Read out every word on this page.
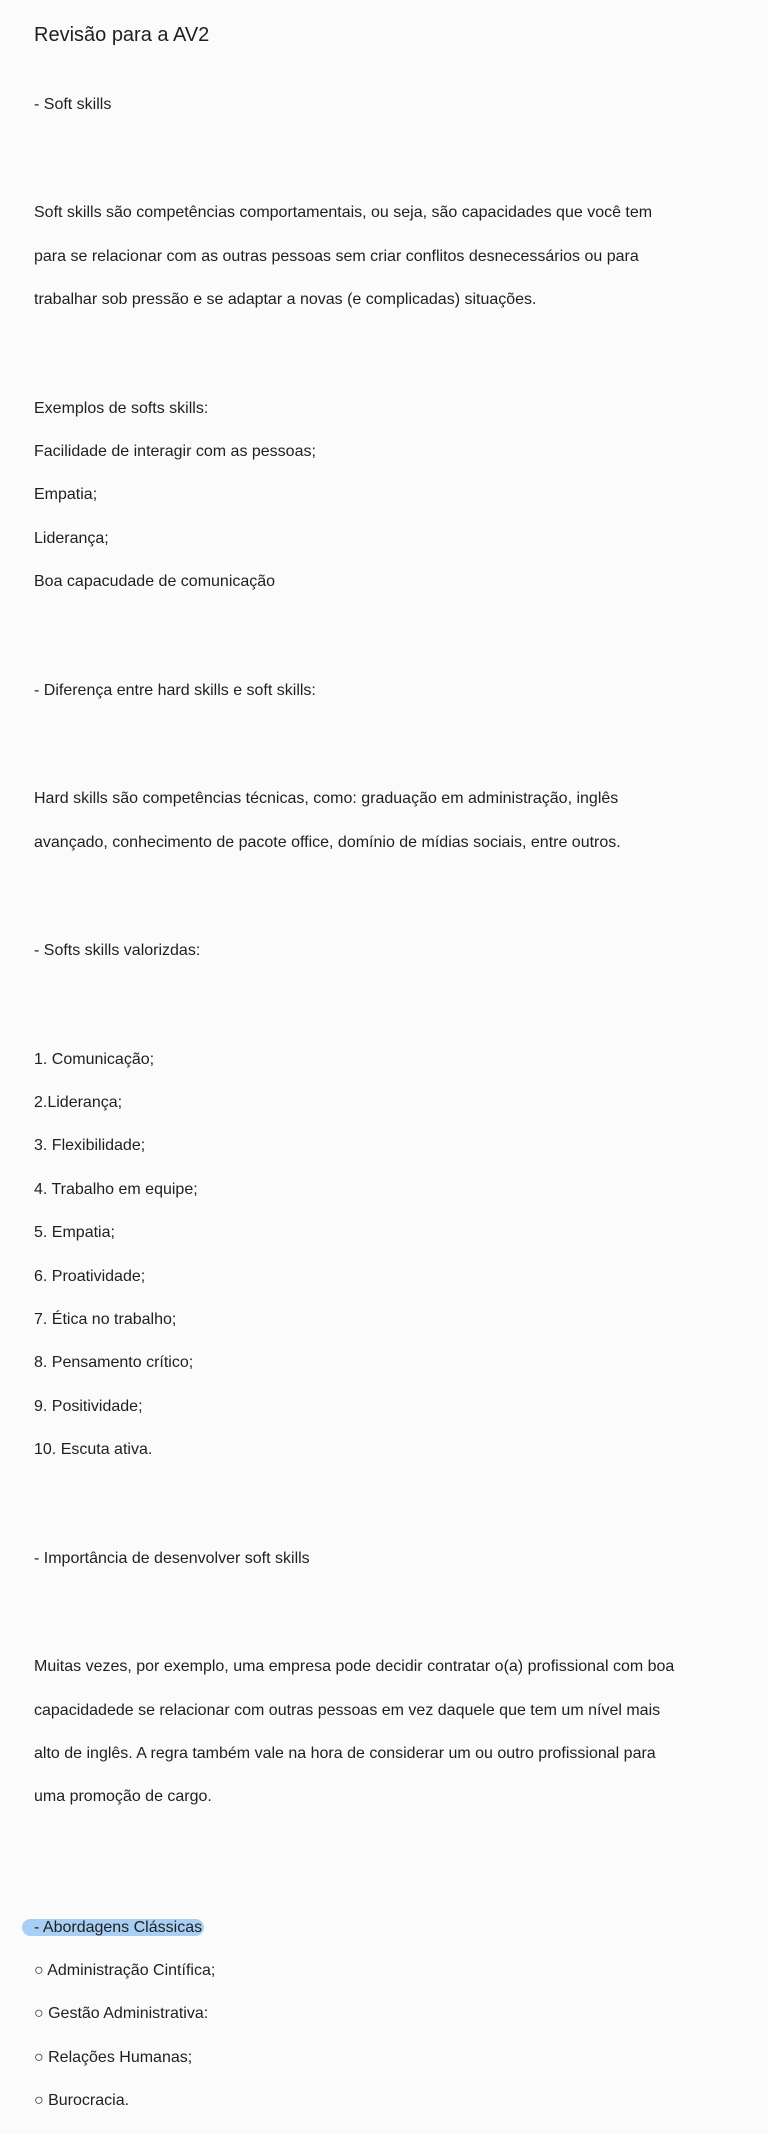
Revisão para a AV2

- Soft skills

Soft skills são competências comportamentais, ou seja, são capacidades que você tem

para se relacionar com as outras pessoas sem criar conflitos desnecessários ou para

trabalhar sob pressão e se adaptar a novas (e complicadas) situações.

Exemplos de softs skills:

Facilidade de interagir com as pessoas;

Empatia;

Liderança;

Boa capacudade de comunicação

- Diferença entre hard skills e soft skills:

Hard skills são competências técnicas, como: graduação em administração, inglês

avançado, conhecimento de pacote office, domínio de mídias sociais, entre outros.

- Softs skills valorizdas:

1. Comunicação;

2.Liderança;

3. Flexibilidade;

4. Trabalho em equipe;

5. Empatia;

6. Proatividade;

7. Ética no trabalho;

8. Pensamento crítico;

9. Positividade;

10. Escuta ativa.

- Importância de desenvolver soft skills

Muitas vezes, por exemplo, uma empresa pode decidir contratar o(a) profissional com boa

capacidadede se relacionar com outras pessoas em vez daquele que tem um nível mais

alto de inglês. A regra também vale na hora de considerar um ou outro profissional para

uma promoção de cargo.

- Abordagens Clássicas

○ Administração Cintífica;

○ Gestão Administrativa:

○ Relações Humanas;

○ Burocracia.
